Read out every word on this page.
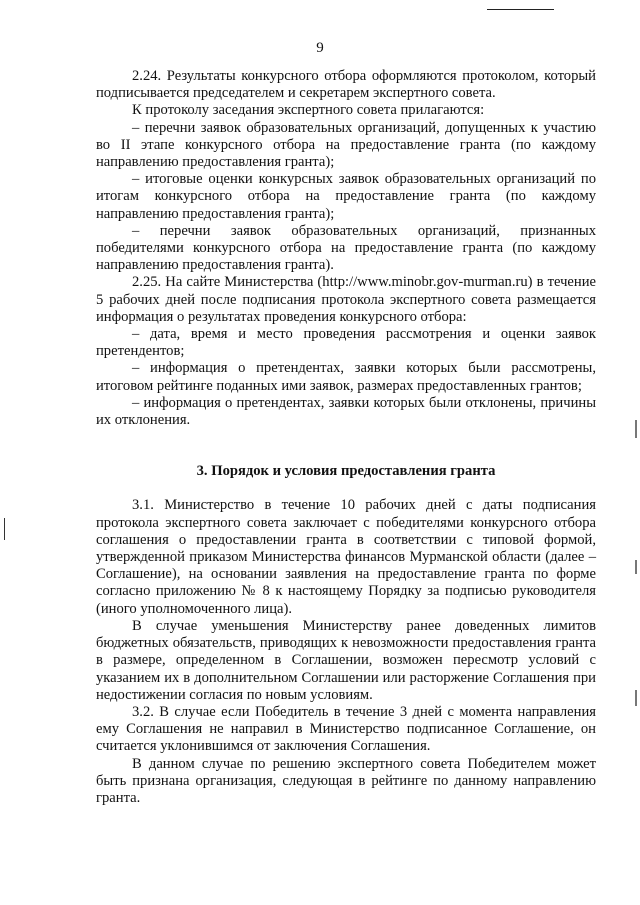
9

2.24. Результаты конкурсного отбора оформляются протоколом, который подписывается председателем и секретарем экспертного совета.

К протоколу заседания экспертного совета прилагаются:

– перечни заявок образовательных организаций, допущенных к участию во II этапе конкурсного отбора на предоставление гранта (по каждому направлению предоставления гранта);

– итоговые оценки конкурсных заявок образовательных организаций по итогам конкурсного отбора на предоставление гранта (по каждому направлению предоставления гранта);

– перечни заявок образовательных организаций, признанных победителями конкурсного отбора на предоставление гранта (по каждому направлению предоставления гранта).

2.25. На сайте Министерства (http://www.minobr.gov-murman.ru) в течение 5 рабочих дней после подписания протокола экспертного совета размещается информация о результатах проведения конкурсного отбора:

– дата, время и место проведения рассмотрения и оценки заявок претендентов;

– информация о претендентах, заявки которых были рассмотрены, итоговом рейтинге поданных ими заявок, размерах предоставленных грантов;

– информация о претендентах, заявки которых были отклонены, причины их отклонения.

3. Порядок и условия предоставления гранта

3.1. Министерство в течение 10 рабочих дней с даты подписания протокола экспертного совета заключает с победителями конкурсного отбора соглашения о предоставлении гранта в соответствии с типовой формой, утвержденной приказом Министерства финансов Мурманской области (далее – Соглашение), на основании заявления на предоставление гранта по форме согласно приложению № 8 к настоящему Порядку за подписью руководителя (иного уполномоченного лица).

В случае уменьшения Министерству ранее доведенных лимитов бюджетных обязательств, приводящих к невозможности предоставления гранта в размере, определенном в Соглашении, возможен пересмотр условий с указанием их в дополнительном Соглашении или расторжение Соглашения при недостижении согласия по новым условиям.

3.2. В случае если Победитель в течение 3 дней с момента направления ему Соглашения не направил в Министерство подписанное Соглашение, он считается уклонившимся от заключения Соглашения.

В данном случае по решению экспертного совета Победителем может быть признана организация, следующая в рейтинге по данному направлению гранта.
